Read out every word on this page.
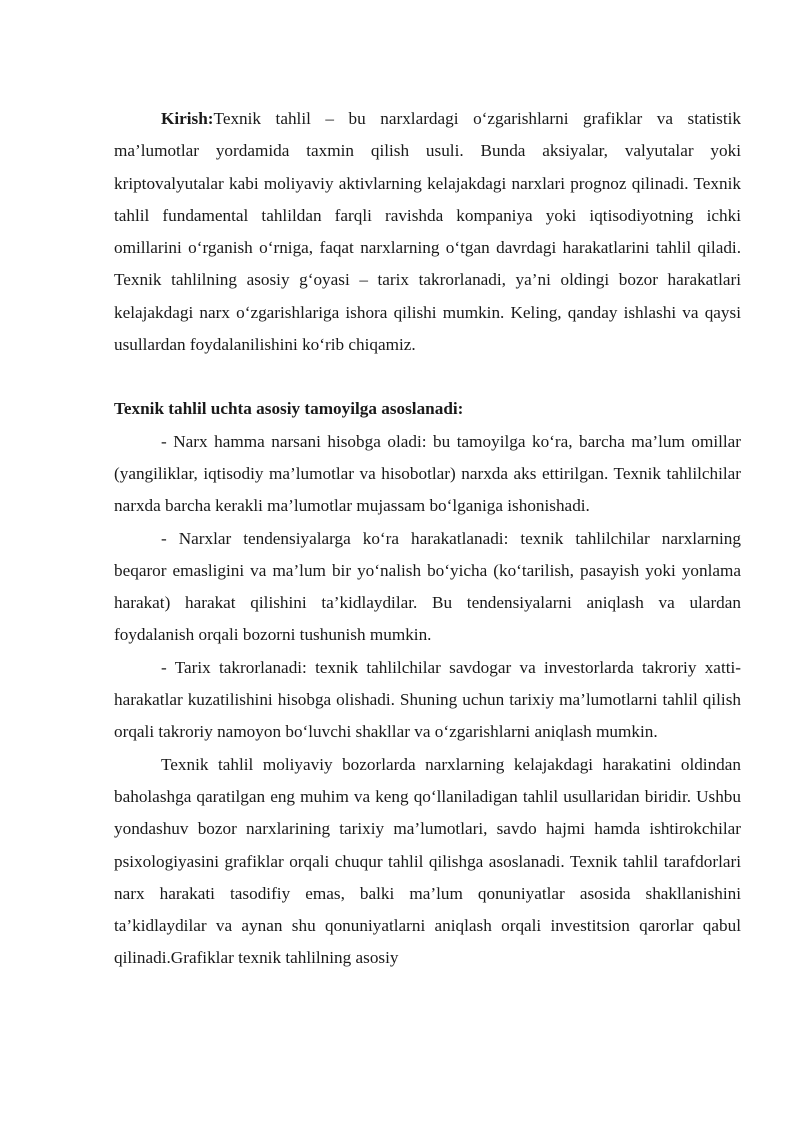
Kirish:Texnik tahlil – bu narxlardagi o‘zgarishlarni grafiklar va statistik ma’lumotlar yordamida taxmin qilish usuli. Bunda aksiyalar, valyutalar yoki kriptovalyutalar kabi moliyaviy aktivlarning kelajakdagi narxlari prognoz qilinadi. Texnik tahlil fundamental tahlildan farqli ravishda kompaniya yoki iqtisodiyotning ichki omillarini o‘rganish o‘rniga, faqat narxlarning o‘tgan davrdagi harakatlarini tahlil qiladi. Texnik tahlilning asosiy g‘oyasi – tarix takrorlanadi, ya’ni oldingi bozor harakatlari kelajakdagi narx o‘zgarishlariga ishora qilishi mumkin. Keling, qanday ishlashi va qaysi usullardan foydalanilishini ko‘rib chiqamiz.

Texnik tahlil uchta asosiy tamoyilga asoslanadi:

- Narx hamma narsani hisobga oladi: bu tamoyilga ko‘ra, barcha ma’lum omillar (yangiliklar, iqtisodiy ma’lumotlar va hisobotlar) narxda aks ettirilgan. Texnik tahlilchilar narxda barcha kerakli ma’lumotlar mujassam bo‘lganiga ishonishadi.

- Narxlar tendensiyalarga ko‘ra harakatlanadi: texnik tahlilchilar narxlarning beqaror emasligini va ma’lum bir yo‘nalish bo‘yicha (ko‘tarilish, pasayish yoki yonlama harakat) harakat qilishini ta’kidlaydilar. Bu tendensiyalarni aniqlash va ulardan foydalanish orqali bozorni tushunish mumkin.

- Tarix takrorlanadi: texnik tahlilchilar savdogar va investorlarda takroriy xatti-harakatlar kuzatilishini hisobga olishadi. Shuning uchun tarixiy ma’lumotlarni tahlil qilish orqali takroriy namoyon bo‘luvchi shakllar va o‘zgarishlarni aniqlash mumkin.

Texnik tahlil moliyaviy bozorlarda narxlarning kelajakdagi harakatini oldindan baholashga qaratilgan eng muhim va keng qo‘llaniladigan tahlil usullaridan biridir. Ushbu yondashuv bozor narxlarining tarixiy ma’lumotlari, savdo hajmi hamda ishtirokchilar psixologiyasini grafiklar orqali chuqur tahlil qilishga asoslanadi. Texnik tahlil tarafdorlari narx harakati tasodifiy emas, balki ma’lum qonuniyatlar asosida shakllanishini ta’kidlaydilar va aynan shu qonuniyatlarni aniqlash orqali investitsion qarorlar qabul qilinadi.Grafiklar texnik tahlilning asosiy
